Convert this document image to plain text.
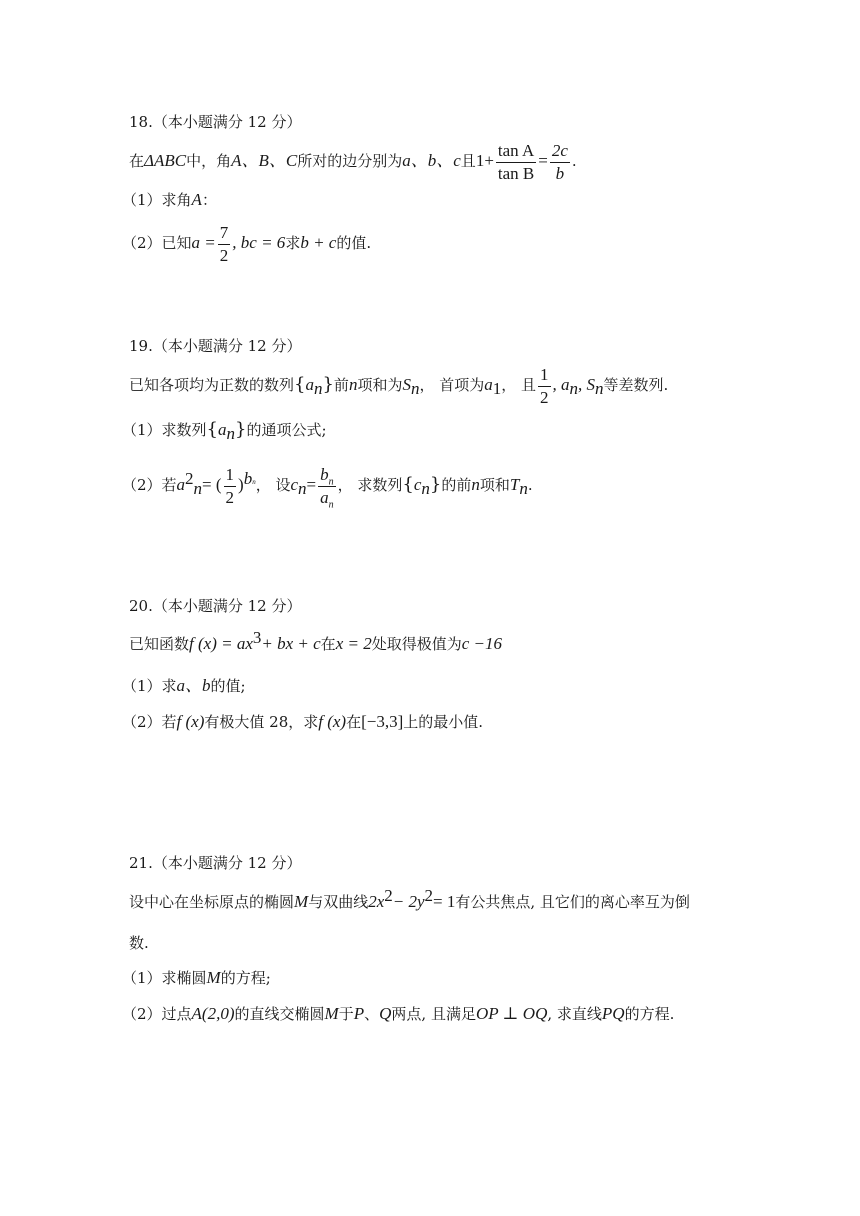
18.（本小题满分 12 分）
在ΔABC中，角A、B、C所对的边分别为a、b、c且$1+ \frac{\text{tan A}}{\text{tan B}} = \frac{2c}{b}$ .
（1）求角A：
（2）已知$a = \frac{7}{2}$ , bc = 6求b + c的值.
19.（本小题满分 12 分）
已知各项均为正数的数列$\{a_n\}$前n项和为$S_n$， 首项为$a_1$， 且 $\frac{1}{2}$ , $a_n$, $S_n$等差数列.
（1）求数列$\{a_n\}$的通项公式;
（2）若$a^2_n=$ ( $\frac{1}{2} )^{bn}$， 设$c_n= \frac{b_n}{a_n}$ ， 求数列$\{c_n\}$的前n项和$T_n$.
20.（本小题满分 12 分）
已知函数f $(x) = ax^3+$ bx + c在x = 2处取得极值为c −16
（1）求a、b的值;
（2）若f (x)有极大值 28，求f (x)在[−3,3]上的最小值.
21.（本小题满分 12 分）
设中心在坐标原点的椭圆M与双曲线$2x^2- 2y^2= 1$有公共焦点, 且它们的离心率互为倒
数.
（1）求椭圆M的方程;
（2）过点A(2,0)的直线交椭圆M于P、Q两点, 且满足OP ⊥ OQ, 求直线PQ的方程.
